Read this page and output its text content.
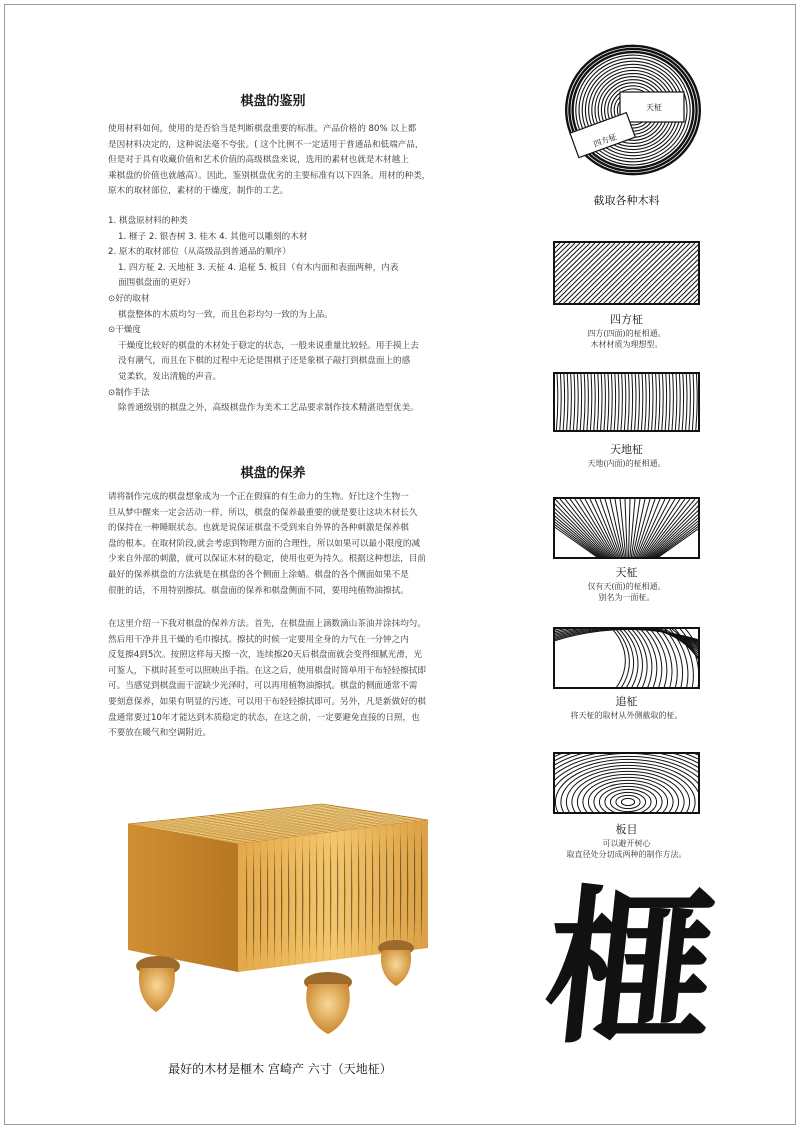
棋盘的鉴别
使用材料如何，使用的是否恰当是判断棋盘重要的标准。产品价格的 80% 以上都
是因材料决定的，这种说法毫不夸张。( 这个比例不一定适用于普通品和低端产品，
但是对于具有收藏价值和艺术价值的高级棋盘来说，选用的素材也就是木材越上
乘棋盘的价值也就越高）。因此，鉴别棋盘优劣的主要标准有以下四条。用材的种类，
原木的取材部位，素材的干燥度，制作的工艺。
1. 棋盘原材料的种类
1. 榧子 2. 银杏树 3. 桂木 4. 其他可以雕刻的木材
2. 原木的取材部位（从高级品到普通品的顺序）
1. 四方柾 2. 天地柾 3. 天柾 4. 追柾 5. 板目（有木内面和表面两种，内表
面围棋盘面的更好）
⊙好的取材
棋盘整体的木质均匀一致，而且色彩均匀一致的为上品。
⊙干燥度
干燥度比较好的棋盘的木材处于稳定的状态，一般来说重量比较轻。用手摸上去
没有潮气，而且在下棋的过程中无论是围棋子还是象棋子敲打到棋盘面上的感
觉柔软，发出清脆的声音。
⊙制作手法
除普通级别的棋盘之外，高级棋盘作为美术工艺品要求制作技术精湛造型优美。
棋盘的保养
请将制作完成的棋盘想象成为一个正在假寐的有生命力的生物。好比这个生物一
旦从梦中醒来一定会活动一样，所以，棋盘的保养最重要的就是要让这块木材长久
的保持在一种睡眠状态。也就是说保证棋盘不受到来自外界的各种刺激是保养棋
盘的根本。在取材阶段,就会考虑到物理方面的合理性，所以如果可以最小限度的减
少来自外部的刺激，就可以保证木材的稳定，使用也更为持久。根据这种想法，目前
最好的保养棋盘的方法就是在棋盘的各个侧面上涂蜡。棋盘的各个侧面如果不是
很脏的话，不用特别擦拭。棋盘面的保养和棋盘侧面不同，要用纯植物油擦拭。
在这里介绍一下我对棋盘的保养方法。首先，在棋盘面上滴数滴山茶油并涂抹均匀。
然后用干净并且干燥的毛巾擦拭。擦拭的时候一定要用全身的力气在一分钟之内
反复擦4到5次。按照这样每天擦一次，连续擦20天后棋盘面就会变得细腻光滑，光
可鉴人，下棋时甚至可以照映出手指。在这之后，使用棋盘时简单用干布轻轻擦拭即
可。当感觉到棋盘面干涩缺少光泽时，可以再用植物油擦拭。棋盘的侧面通常不需
要刻意保养，如果有明显的污迹，可以用干布轻轻擦拭即可。另外，凡是新做好的棋
盘通常要过10年才能达到木质稳定的状态，在这之前，一定要避免直接的日照，也
不要放在暖气和空调附近。
天柾
四方柾
截取各种木料
四方柾
四方(四面)的柾相通。
木材材质为理想型。
天地柾
天地(内面)的柾相通。
天柾
仅有天(面)的柾相通。
别名为一面柾。
追柾
将天柾的取材从外侧截取的柾。
板目
可以避开树心
取直径处分切成两种的制作方法。
最好的木材是榧木 宫崎产 六寸（天地柾）
榧
